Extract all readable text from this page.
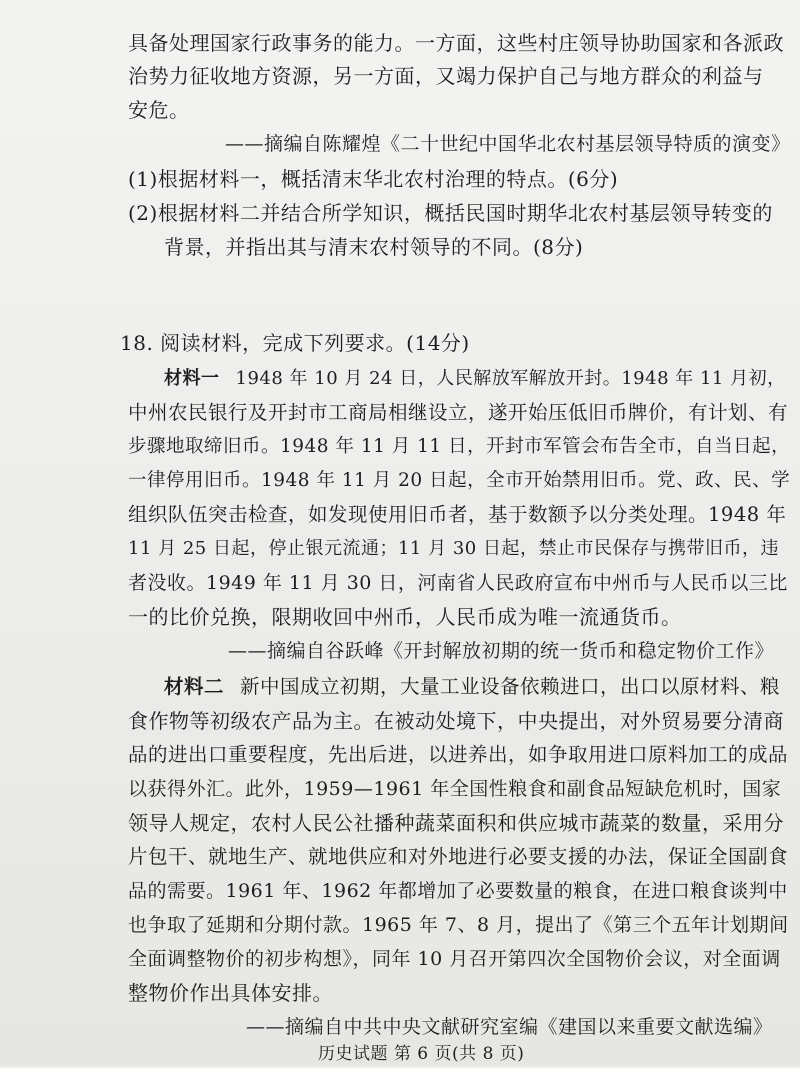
具备处理国家行政事务的能力。一方面，这些村庄领导协助国家和各派政
治势力征收地方资源，另一方面，又竭力保护自己与地方群众的利益与
安危。
——摘编自陈耀煌《二十世纪中国华北农村基层领导特质的演变》
(1)根据材料一，概括清末华北农村治理的特点。(6分)
(2)根据材料二并结合所学知识，概括民国时期华北农村基层领导转变的
背景，并指出其与清末农村领导的不同。(8分)
18. 阅读材料，完成下列要求。(14分)
材料一 1948 年 10 月 24 日，人民解放军解放开封。1948 年 11 月初，
中州农民银行及开封市工商局相继设立，遂开始压低旧币牌价，有计划、有
步骤地取缔旧币。1948 年 11 月 11 日，开封市军管会布告全市，自当日起，
一律停用旧币。1948 年 11 月 20 日起，全市开始禁用旧币。党、政、民、学
组织队伍突击检查，如发现使用旧币者，基于数额予以分类处理。1948 年
11 月 25 日起，停止银元流通；11 月 30 日起，禁止市民保存与携带旧币，违
者没收。1949 年 11 月 30 日，河南省人民政府宣布中州币与人民币以三比
一的比价兑换，限期收回中州币，人民币成为唯一流通货币。
——摘编自谷跃峰《开封解放初期的统一货币和稳定物价工作》
材料二 新中国成立初期，大量工业设备依赖进口，出口以原材料、粮
食作物等初级农产品为主。在被动处境下，中央提出，对外贸易要分清商
品的进出口重要程度，先出后进，以进养出，如争取用进口原料加工的成品
以获得外汇。此外，1959—1961 年全国性粮食和副食品短缺危机时，国家
领导人规定，农村人民公社播种蔬菜面积和供应城市蔬菜的数量，采用分
片包干、就地生产、就地供应和对外地进行必要支援的办法，保证全国副食
品的需要。1961 年、1962 年都增加了必要数量的粮食，在进口粮食谈判中
也争取了延期和分期付款。1965 年 7、8 月，提出了《第三个五年计划期间
全面调整物价的初步构想》，同年 10 月召开第四次全国物价会议，对全面调
整物价作出具体安排。
——摘编自中共中央文献研究室编《建国以来重要文献选编》
历史试题 第 6 页(共 8 页)
